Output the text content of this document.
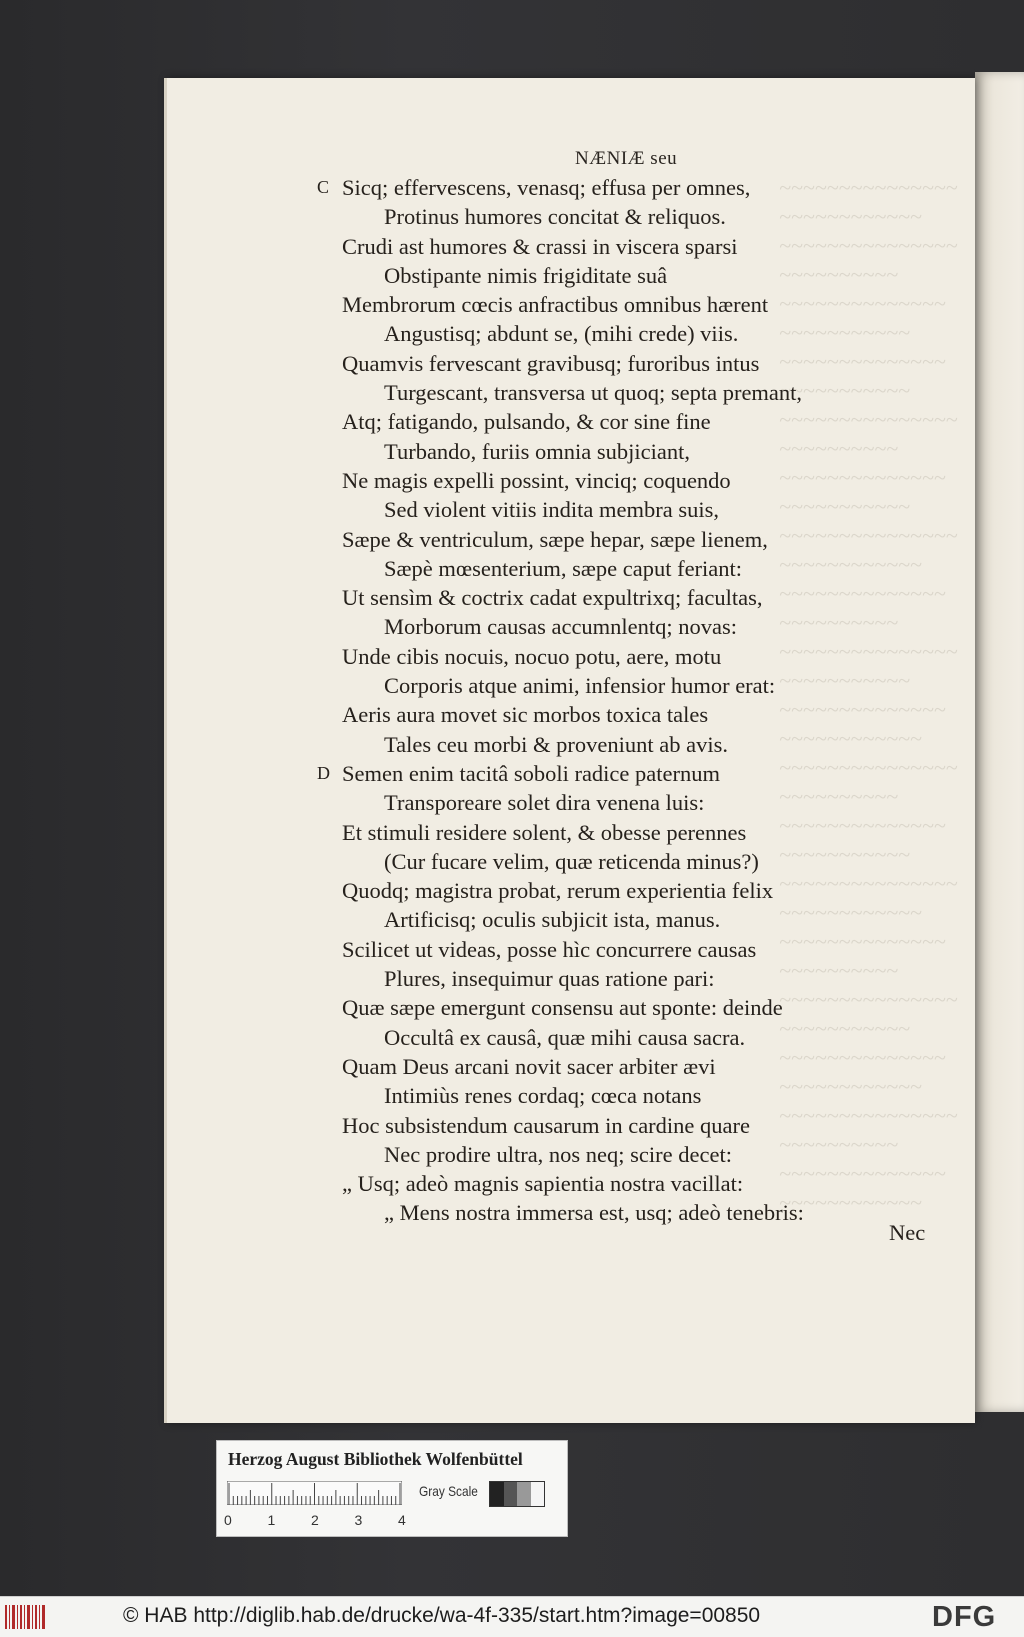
~~~~~~~~~~~~~~~
~~~~~~~~~~~~
~~~~~~~~~~~~~~~
~~~~~~~~~~
~~~~~~~~~~~~~~
~~~~~~~~~~~
~~~~~~~~~~~~~~
~~~~~~~~~~~
~~~~~~~~~~~~~~~
~~~~~~~~~~
~~~~~~~~~~~~~~
~~~~~~~~~~~
~~~~~~~~~~~~~~~
~~~~~~~~~~~~
~~~~~~~~~~~~~~
~~~~~~~~~~
~~~~~~~~~~~~~~~
~~~~~~~~~~~
~~~~~~~~~~~~~~
~~~~~~~~~~~~
~~~~~~~~~~~~~~~
~~~~~~~~~~
~~~~~~~~~~~~~~
~~~~~~~~~~~
~~~~~~~~~~~~~~~
~~~~~~~~~~~~
~~~~~~~~~~~~~~
~~~~~~~~~~
~~~~~~~~~~~~~~~
~~~~~~~~~~~
~~~~~~~~~~~~~~
~~~~~~~~~~~~
~~~~~~~~~~~~~~~
~~~~~~~~~~
~~~~~~~~~~~~~~
~~~~~~~~~~~~
NÆNIÆ seu
C Sicq; effervescens, venasq; effusa per omnes,
Protinus humores concitat & reliquos.
Crudi ast humores & crassi in viscera sparsi
Obstipante nimis frigiditate suâ
Membrorum cœcis anfractibus omnibus hærent
Angustisq; abdunt se, (mihi crede) viis.
Quamvis fervescant gravibusq; furoribus intus
Turgescant, transversa ut quoq; septa premant,
Atq; fatigando, pulsando, & cor sine fine
Turbando, furiis omnia subjiciant,
Ne magis expelli possint, vinciq; coquendo
Sed violent vitiis indita membra suis,
Sæpe & ventriculum, sæpe hepar, sæpe lienem,
Sæpè mœsenterium, sæpe caput feriant:
Ut sensìm & coctrix cadat expultrixq; facultas,
Morborum causas accumnlentq; novas:
Unde cibis nocuis, nocuo potu, aere, motu
Corporis atque animi, infensior humor erat:
Aeris aura movet sic morbos toxica tales
Tales ceu morbi & proveniunt ab avis.
D Semen enim tacitâ soboli radice paternum
Transporeare solet dira venena luis:
Et stimuli residere solent, & obesse perennes
(Cur fucare velim, quæ reticenda minus?)
Quodq; magistra probat, rerum experientia felix
Artificisq; oculis subjicit ista, manus.
Scilicet ut videas, posse hìc concurrere causas
Plures, insequimur quas ratione pari:
Quæ sæpe emergunt consensu aut sponte: deinde
Occultâ ex causâ, quæ mihi causa sacra.
Quam Deus arcani novit sacer arbiter ævi
Intimiùs renes cordaq; cœca notans
Hoc subsistendum causarum in cardine quare
Nec prodire ultra, nos neq; scire decet:
„ Usq; adeò magnis sapientia nostra vacillat:
„ Mens nostra immersa est, usq; adeò tenebris:
Nec
Herzog August Bibliothek Wolfenbüttel
Gray Scale
0	1	2	3	4
© HAB http://diglib.hab.de/drucke/wa-4f-335/start.htm?image=00850	DFG
